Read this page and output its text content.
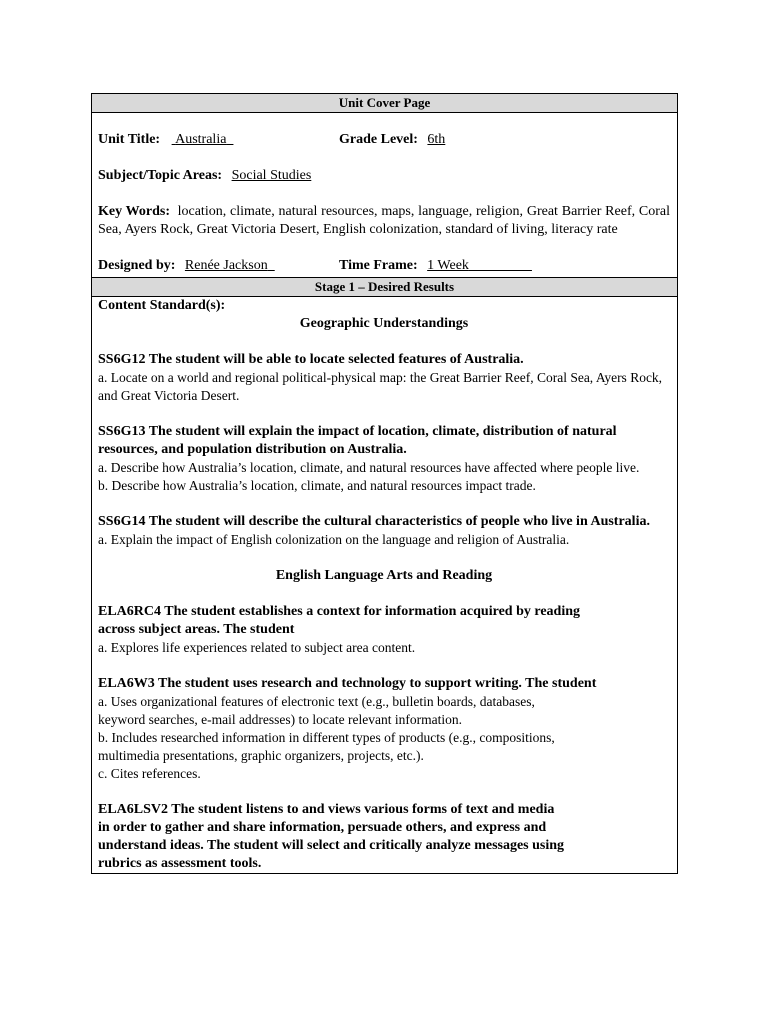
Unit Cover Page
Unit Title: Australia	Grade Level: 6th
Subject/Topic Areas: Social Studies
Key Words: location, climate, natural resources, maps, language, religion, Great Barrier Reef, Coral Sea, Ayers Rock, Great Victoria Desert, English colonization, standard of living, literacy rate
Designed by: Renée Jackson	Time Frame: 1 Week
Stage 1 – Desired Results
Content Standard(s):
Geographic Understandings
SS6G12 The student will be able to locate selected features of Australia.
a. Locate on a world and regional political-physical map: the Great Barrier Reef, Coral Sea, Ayers Rock, and Great Victoria Desert.
SS6G13 The student will explain the impact of location, climate, distribution of natural resources, and population distribution on Australia.
a. Describe how Australia’s location, climate, and natural resources have affected where people live.
b. Describe how Australia’s location, climate, and natural resources impact trade.
SS6G14 The student will describe the cultural characteristics of people who live in Australia.
a. Explain the impact of English colonization on the language and religion of Australia.
English Language Arts and Reading
ELA6RC4 The student establishes a context for information acquired by reading
across subject areas. The student
a. Explores life experiences related to subject area content.
ELA6W3 The student uses research and technology to support writing. The student
a. Uses organizational features of electronic text (e.g., bulletin boards, databases,
keyword searches, e-mail addresses) to locate relevant information.
b. Includes researched information in different types of products (e.g., compositions,
multimedia presentations, graphic organizers, projects, etc.).
c. Cites references.
ELA6LSV2 The student listens to and views various forms of text and media
in order to gather and share information, persuade others, and express and
understand ideas. The student will select and critically analyze messages using
rubrics as assessment tools.
